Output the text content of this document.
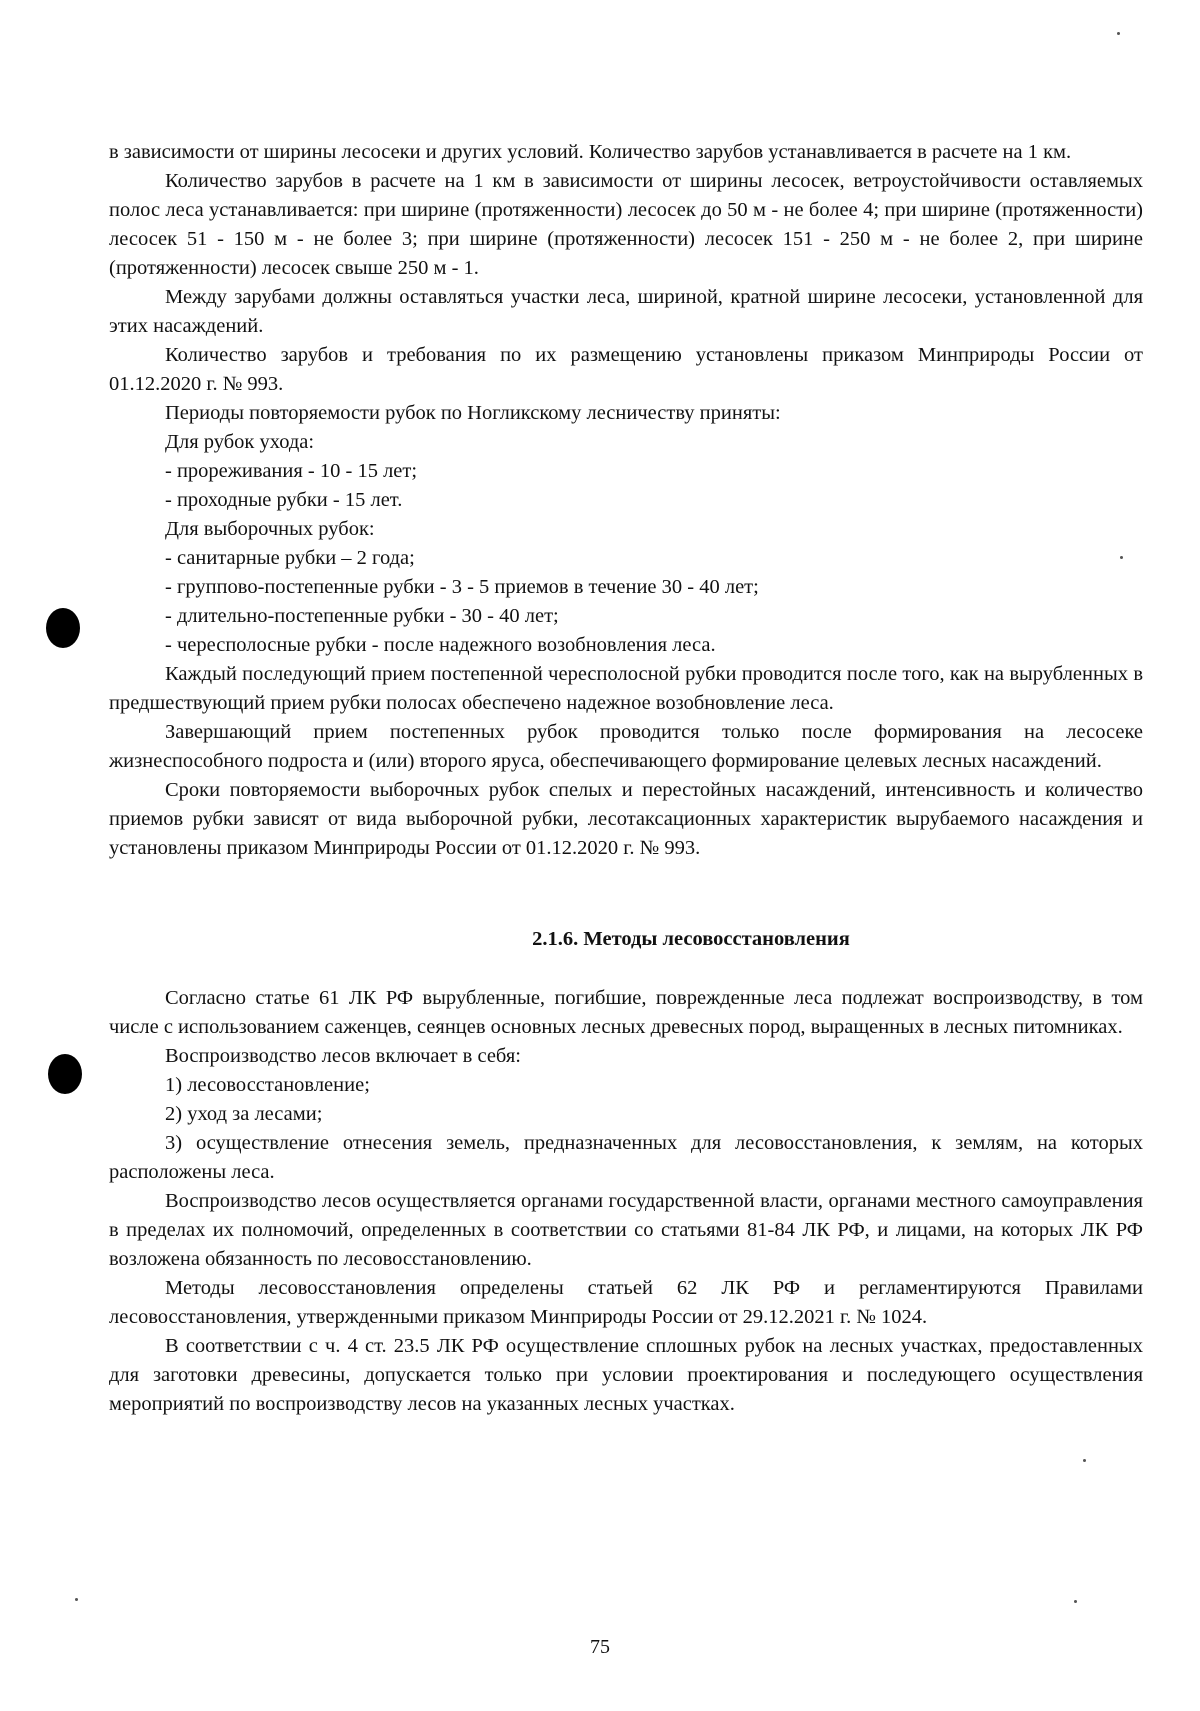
в зависимости от ширины лесосеки и других условий. Количество зарубов устанавливается в расчете на 1 км.

Количество зарубов в расчете на 1 км в зависимости от ширины лесосек, ветроустойчивости оставляемых полос леса устанавливается: при ширине (протяженности) лесосек до 50 м - не более 4; при ширине (протяженности) лесосек 51 - 150 м - не более 3; при ширине (протяженности) лесосек 151 - 250 м - не более 2, при ширине (протяженности) лесосек свыше 250 м - 1.

Между зарубами должны оставляться участки леса, шириной, кратной ширине лесосеки, установленной для этих насаждений.

Количество зарубов и требования по их размещению установлены приказом Минприроды России от 01.12.2020 г. № 993.

Периоды повторяемости рубок по Ногликскому лесничеству приняты:

Для рубок ухода:

- прореживания - 10 - 15 лет;

- проходные рубки - 15 лет.

Для выборочных рубок:

- санитарные рубки – 2 года;

- группово-постепенные рубки - 3 - 5 приемов в течение 30 - 40 лет;

- длительно-постепенные рубки - 30 - 40 лет;

- чересполосные рубки - после надежного возобновления леса.

Каждый последующий прием постепенной чересполосной рубки проводится после того, как на вырубленных в предшествующий прием рубки полосах обеспечено надежное возобновление леса.

Завершающий прием постепенных рубок проводится только после формирования на лесосеке жизнеспособного подроста и (или) второго яруса, обеспечивающего формирование целевых лесных насаждений.

Сроки повторяемости выборочных рубок спелых и перестойных насаждений, интенсивность и количество приемов рубки зависят от вида выборочной рубки, лесотаксационных характеристик вырубаемого насаждения и установлены приказом Минприроды России от 01.12.2020 г. № 993.

2.1.6. Методы лесовосстановления

Согласно статье 61 ЛК РФ вырубленные, погибшие, поврежденные леса подлежат воспроизводству, в том числе с использованием саженцев, сеянцев основных лесных древесных пород, выращенных в лесных питомниках.

Воспроизводство лесов включает в себя:

1) лесовосстановление;

2) уход за лесами;

3) осуществление отнесения земель, предназначенных для лесовосстановления, к землям, на которых расположены леса.

Воспроизводство лесов осуществляется органами государственной власти, органами местного самоуправления в пределах их полномочий, определенных в соответствии со статьями 81-84 ЛК РФ, и лицами, на которых ЛК РФ возложена обязанность по лесовосстановлению.

Методы лесовосстановления определены статьей 62 ЛК РФ и регламентируются Правилами лесовосстановления, утвержденными приказом Минприроды России от 29.12.2021 г. № 1024.

В соответствии с ч. 4 ст. 23.5 ЛК РФ осуществление сплошных рубок на лесных участках, предоставленных для заготовки древесины, допускается только при условии проектирования и последующего осуществления мероприятий по воспроизводству лесов на указанных лесных участках.

75
